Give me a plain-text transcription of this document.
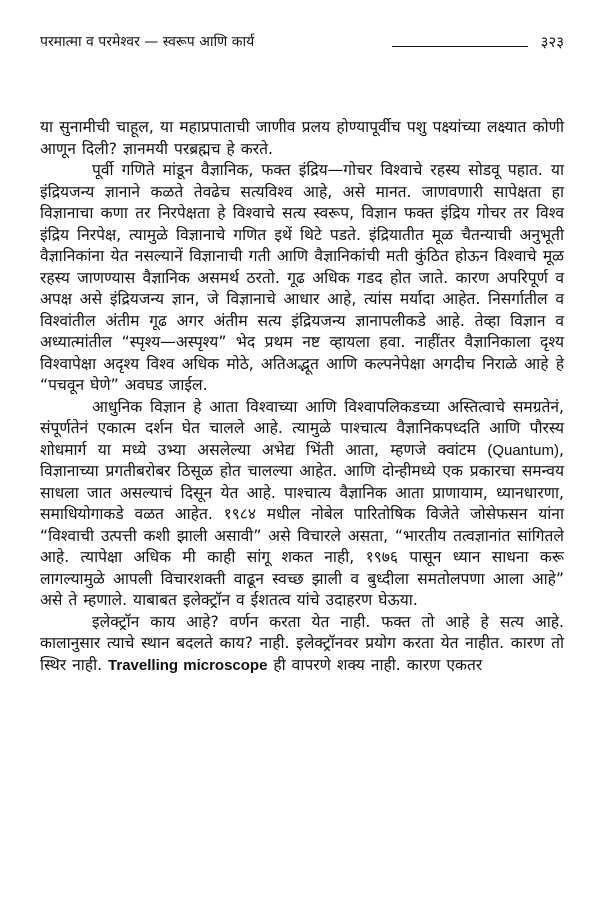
परमात्मा व परमेश्वर — स्वरूप आणि कार्य	३२३

या सुनामीची चाहूल, या महाप्रपाताची जाणीव प्रलय होण्यापूर्वीच पशु पक्ष्यांच्या लक्ष्यात कोणी आणून दिली? ज्ञानमयी परब्रह्मच हे करते.

पूर्वी गणिते मांडून वैज्ञानिक, फक्त इंद्रिय—गोचर विश्वाचे रहस्य सोडवू पहात. या इंद्रियजन्य ज्ञानाने कळते तेवढेच सत्यविश्व आहे, असे मानत. जाणवणारी सापेक्षता हा विज्ञानाचा कणा तर निरपेक्षता हे विश्वाचे सत्य स्वरूप, विज्ञान फक्त इंद्रिय गोचर तर विश्व इंद्रिय निरपेक्ष, त्यामुळे विज्ञानाचे गणित इथें थिटे पडते. इंद्रियातीत मूळ चैतन्याची अनुभूती वैज्ञानिकांना येत नसल्यानें विज्ञानाची गती आणि वैज्ञानिकांची मती कुंठित होऊन विश्वाचे मूळ रहस्य जाणण्यास वैज्ञानिक असमर्थ ठरतो. गूढ अधिक गडद होत जाते. कारण अपरिपूर्ण व अपक्ष असे इंद्रियजन्य ज्ञान, जे विज्ञानाचे आधार आहे, त्यांस मर्यादा आहेत. निसर्गातील व विश्वांतील अंतीम गूढ अगर अंतीम सत्य इंद्रियजन्य ज्ञानापलीकडे आहे. तेव्हा विज्ञान व अध्यात्मांतील “स्पृश्य—अस्पृश्य” भेद प्रथम नष्ट व्हायला हवा. नाहींतर वैज्ञानिकाला दृश्य विश्वापेक्षा अदृश्य विश्व अधिक मोठे, अतिअद्भूत आणि कल्पनेपेक्षा अगदीच निराळे आहे हे “पचवून घेणे” अवघड जाईल.

आधुनिक विज्ञान हे आता विश्वाच्या आणि विश्वापलिकडच्या अस्तित्वाचे समग्रतेनं, संपूर्णतेनं एकात्म दर्शन घेत चालले आहे. त्यामुळे पाश्चात्य वैज्ञानिकपध्दति आणि पौरस्य शोधमार्ग या मध्ये उभ्या असलेल्या अभेद्य भिंती आता, म्हणजे क्वांटम (Quantum), विज्ञानाच्या प्रगतीबरोबर ठिसूळ होत चालल्या आहेत. आणि दोन्हीमध्ये एक प्रकारचा समन्वय साधला जात असल्याचं दिसून येत आहे. पाश्चात्य वैज्ञानिक आता प्राणायाम, ध्यानधारणा, समाधियोगाकडे वळत आहेत. १९८४ मधील नोबेल पारितोषिक विजेते जोसेफसन यांना “विश्वाची उत्पत्ती कशी झाली असावी” असे विचारले असता, “भारतीय तत्वज्ञानांत सांगितले आहे. त्यापेक्षा अधिक मी काही सांगू शकत नाही, १९७६ पासून ध्यान साधना करू लागल्यामुळे आपली विचारशक्ती वाढून स्वच्छ झाली व बुध्दीला समतोलपणा आला आहे” असे ते म्हणाले. याबाबत इलेक्ट्रॉन व ईशतत्व यांचे उदाहरण घेऊया.

इलेक्ट्रॉन काय आहे? वर्णन करता येत नाही. फक्त तो आहे हे सत्य आहे. कालानुसार त्याचे स्थान बदलते काय? नाही. इलेक्ट्रॉनवर प्रयोग करता येत नाहीत. कारण तो स्थिर नाही. Travelling microscope ही वापरणे शक्य नाही. कारण एकतर
